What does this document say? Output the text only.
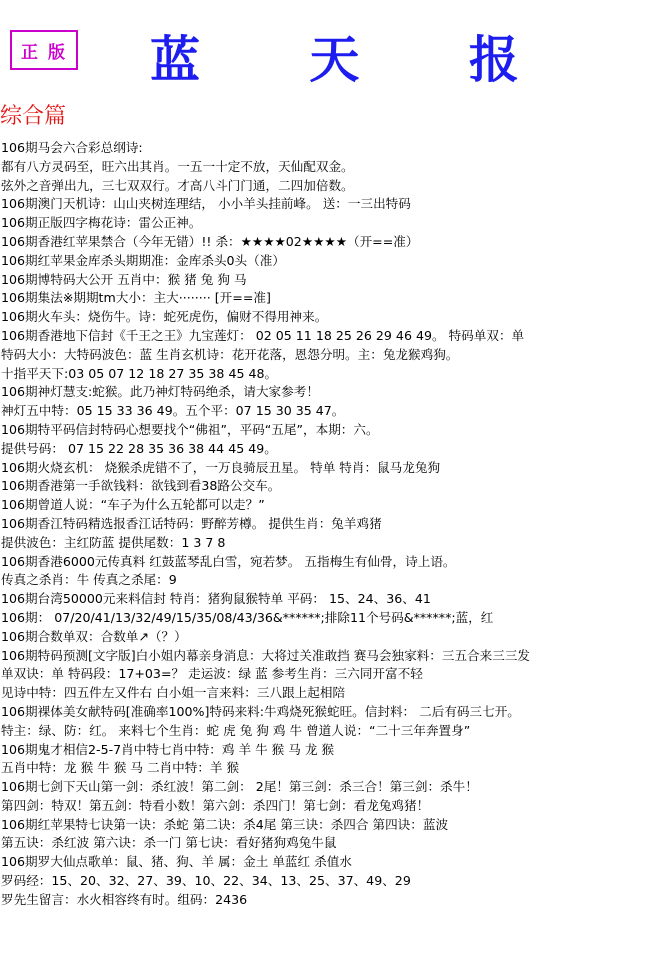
正 版 蓝 天 报
综合篇
106期马会六合彩总纲诗:
都有八方灵码至，旺六出其肖。一五一十定不放，天仙配双金。
弦外之音弹出九，三七双双行。才高八斗门门通，二四加倍数。
106期澳门天机诗：山山夹树连理结， 小小羊头挂前峰。 送：一三出特码
106期正版四字梅花诗：雷公正神。
106期香港红苹果禁合（今年无错）!! 杀：★★★★02★★★★（开==准）
106期红苹果金库杀头期期准：金库杀头0头（准）
106期博特码大公开 五肖中：猴 猪 兔 狗 马
106期集法※期期tm大小：主大········ [开==准]
106期火车头：烧伤牛。诗：蛇死虎伤，偏财不得用神来。
106期香港地下信封《千王之王》九宝莲灯： 02 05 11 18 25 26 29 46 49。 特码单双：单
特码大小：大特码波色：蓝 生肖玄机诗：花开花落，恩怨分明。主：兔龙猴鸡狗。
十指平天下:03 05 07 12 18 27 35 38 45 48。
106期神灯慧支:蛇猴。此乃神灯特码绝杀，请大家参考！
神灯五中特：05 15 33 36 49。五个平：07 15 30 35 47。
106期特平码信封特码心想要找个“佛祖”，平码“五尾”，本期：六。
提供号码： 07 15 22 28 35 36 38 44 45 49。
106期火烧玄机： 烧猴杀虎错不了，一万良骑辰丑星。 特单 特肖：鼠马龙兔狗
106期香港第一手欲钱料：欲钱到看38路公交车。
106期曾道人说：“车子为什么五轮都可以走？”
106期香江特码精选报香江话特码：野醉芳樽。 提供生肖：兔羊鸡猪
提供波色：主红防蓝 提供尾数：1 3 7 8
106期香港6000元传真料 红鼓蓝琴乱白雪，宛若梦。 五指梅生有仙骨，诗上语。
传真之杀肖：牛 传真之杀尾：9
106期台湾50000元来料信封 特肖：猪狗鼠猴特单 平码： 15、24、36、41
106期： 07/20/41/13/32/49/15/35/08/43/36&******;排除11个号码&******;蓝，红
106期合数单双：合数单↗（？）
106期特码预测[文字版]白小姐内幕亲身消息：大将过关准敢挡 赛马会独家料：三五合来三三发
单双诀：单 特码段：17+03=？ 走运波：绿 蓝 参考生肖：三六同开富不轻
见诗中特：四五件左又件右 白小姐一言来料：三八跟上起相陪
106期裸体美女献特码[准确率100%]特码来料:牛鸡烧死猴蛇旺。信封料： 二后有码三七开。
特主：绿、防：红。 来料七个生肖：蛇 虎 兔 狗 鸡 牛 曾道人说：“二十三年奔置身”
106期鬼才相信2-5-7肖中特七肖中特：鸡 羊 牛 猴 马 龙 猴
五肖中特：龙 猴 牛 猴 马 二肖中特：羊 猴
106期七剑下天山第一剑：杀红波！第二剑： 2尾！第三剑：杀三合！第三剑：杀牛！
第四剑：特双！第五剑：特看小数！第六剑：杀四门！第七剑：看龙兔鸡猪！
106期红苹果特七诀第一诀：杀蛇 第二诀：杀4尾 第三诀：杀四合 第四诀：蓝波
第五诀：杀红波 第六诀：杀一门 第七诀：看好猪狗鸡兔牛鼠
106期罗大仙点歌单：鼠、猪、狗、羊 属：金土 单蓝红 杀值水
罗码经：15、20、32、27、39、10、22、34、13、25、37、49、29
罗先生留言：水火相容终有时。组码：2436
